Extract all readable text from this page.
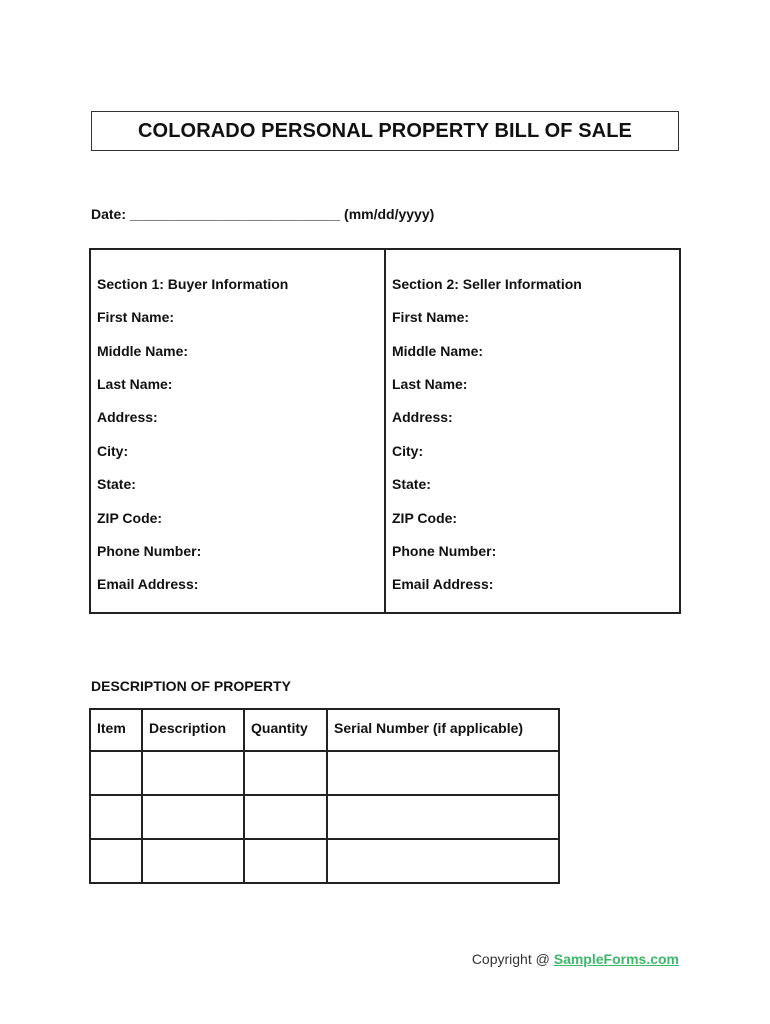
COLORADO PERSONAL PROPERTY BILL OF SALE
Date: ___________________________ (mm/dd/yyyy)
Section 1: Buyer Information
First Name:
Middle Name:
Last Name:
Address:
City:
State:
ZIP Code:
Phone Number:
Email Address:
Section 2: Seller Information
First Name:
Middle Name:
Last Name:
Address:
City:
State:
ZIP Code:
Phone Number:
Email Address:
DESCRIPTION OF PROPERTY
Item	Description	Quantity	Serial Number (if applicable)

Copyright @ SampleForms.com
